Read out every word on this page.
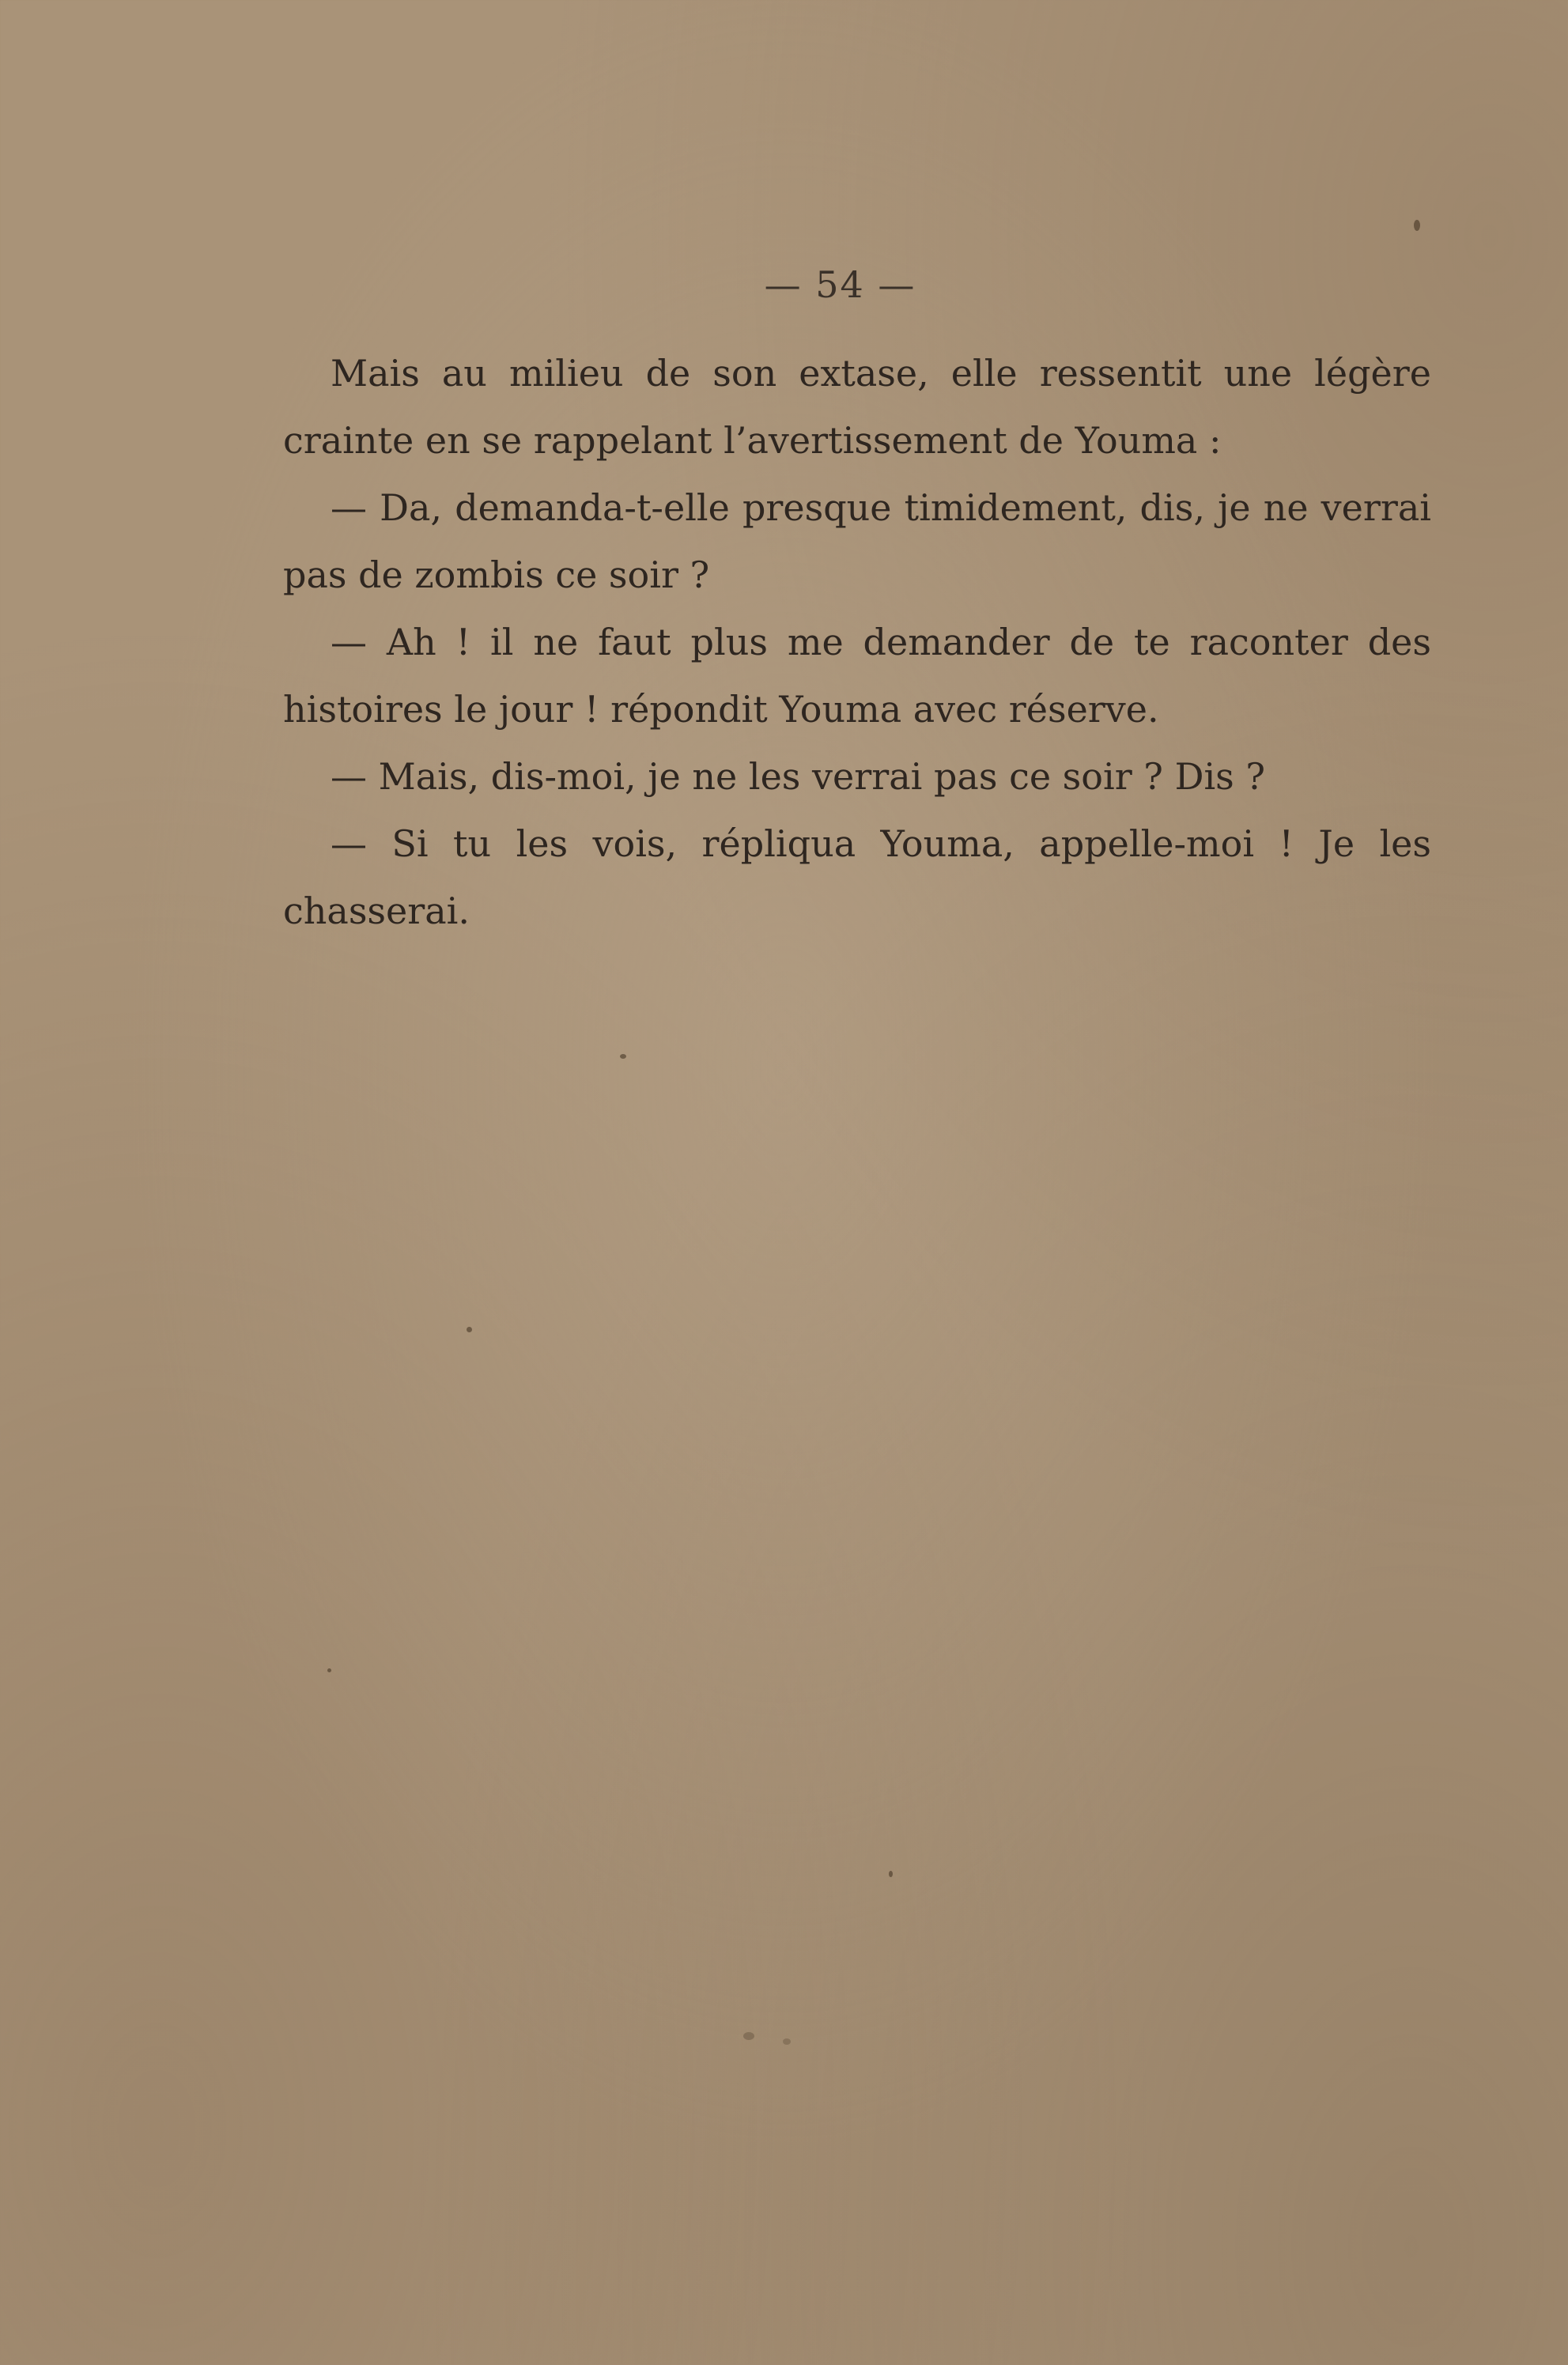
— 54 —

Mais au milieu de son extase, elle ressentit une légère crainte en se rappelant l’avertissement de Youma :

— Da, demanda-t-elle presque timidement, dis, je ne verrai pas de zombis ce soir ?

— Ah ! il ne faut plus me demander de te raconter des histoires le jour ! répondit Youma avec réserve.

— Mais, dis-moi, je ne les verrai pas ce soir ? Dis ?

— Si tu les vois, répliqua Youma, appelle-moi ! Je les chasserai.
